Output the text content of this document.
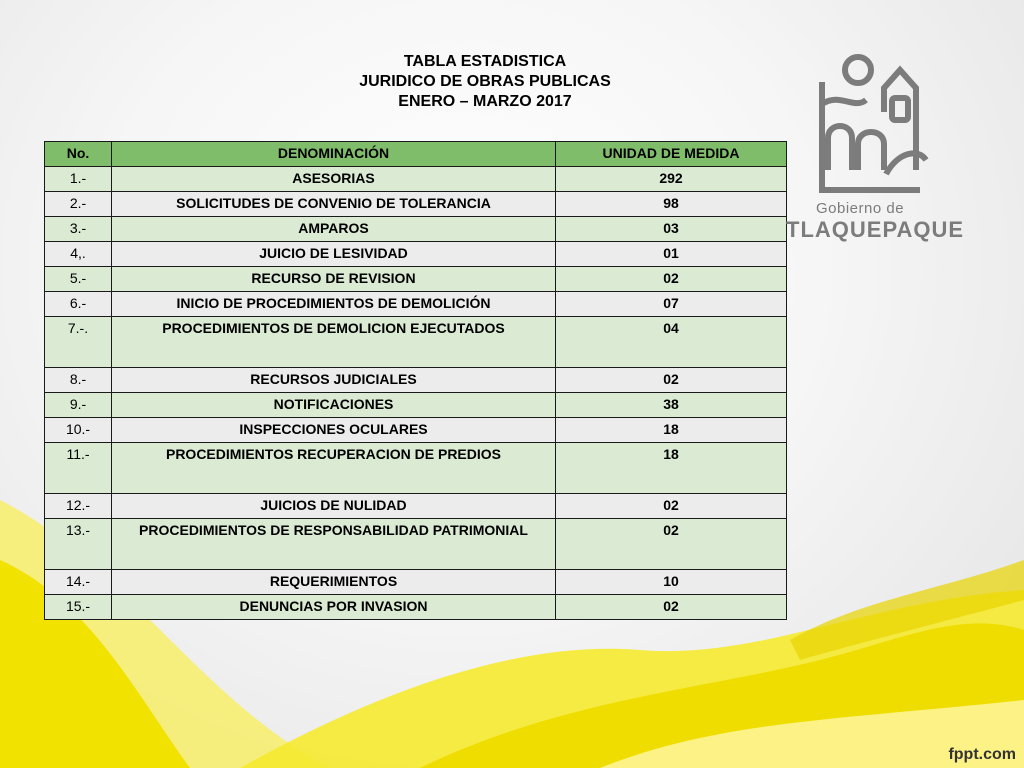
TABLA ESTADISTICA
JURIDICO DE OBRAS PUBLICAS
ENERO – MARZO 2017
No.	DENOMINACIÓN	UNIDAD DE MEDIDA
1.-	ASESORIAS	292
2.-	SOLICITUDES DE CONVENIO DE TOLERANCIA	98
3.-	AMPAROS	03
4,.	JUICIO DE LESIVIDAD	01
5.-	RECURSO DE REVISION	02
6.-	INICIO DE PROCEDIMIENTOS DE DEMOLICIÓN	07
7.-.	PROCEDIMIENTOS DE DEMOLICION EJECUTADOS	04
8.-	RECURSOS JUDICIALES	02
9.-	NOTIFICACIONES	38
10.-	INSPECCIONES OCULARES	18
11.-	PROCEDIMIENTOS RECUPERACION DE PREDIOS	18
12.-	JUICIOS DE NULIDAD	02
13.-	PROCEDIMIENTOS DE RESPONSABILIDAD PATRIMONIAL	02
14.-	REQUERIMIENTOS	10
15.-	DENUNCIAS POR INVASION	02
Gobierno de
TLAQUEPAQUE
fppt.com
